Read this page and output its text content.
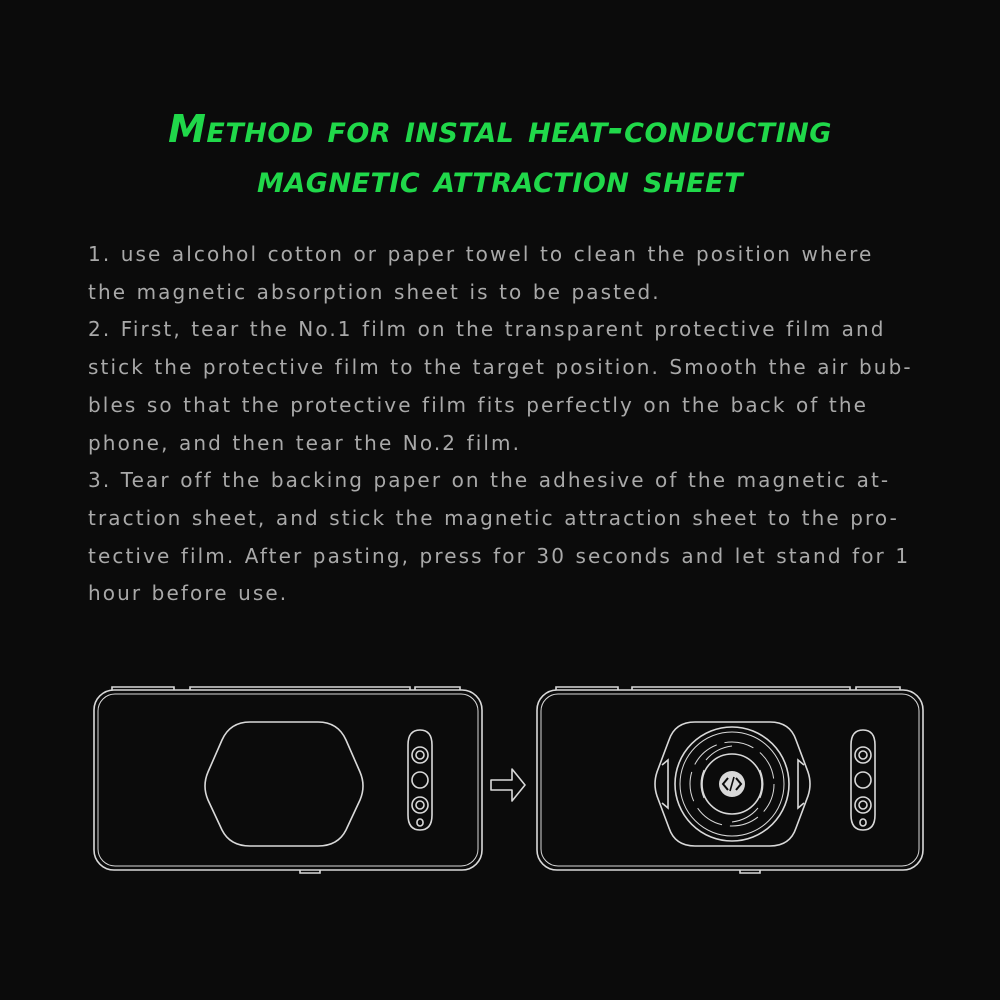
Method for instal heat-conducting
magnetic attraction sheet
1. use alcohol cotton or paper towel to clean the position where
the magnetic absorption sheet is to be pasted.
2. First, tear the No.1 film on the transparent protective film and
stick the protective film to the target position. Smooth the air bub-
bles so that the protective film fits perfectly on the back of the
phone, and then tear the No.2 film.
3. Tear off the backing paper on the adhesive of the magnetic at-
traction sheet, and stick the magnetic attraction sheet to the pro-
tective film. After pasting, press for 30 seconds and let stand for 1
hour before use.
